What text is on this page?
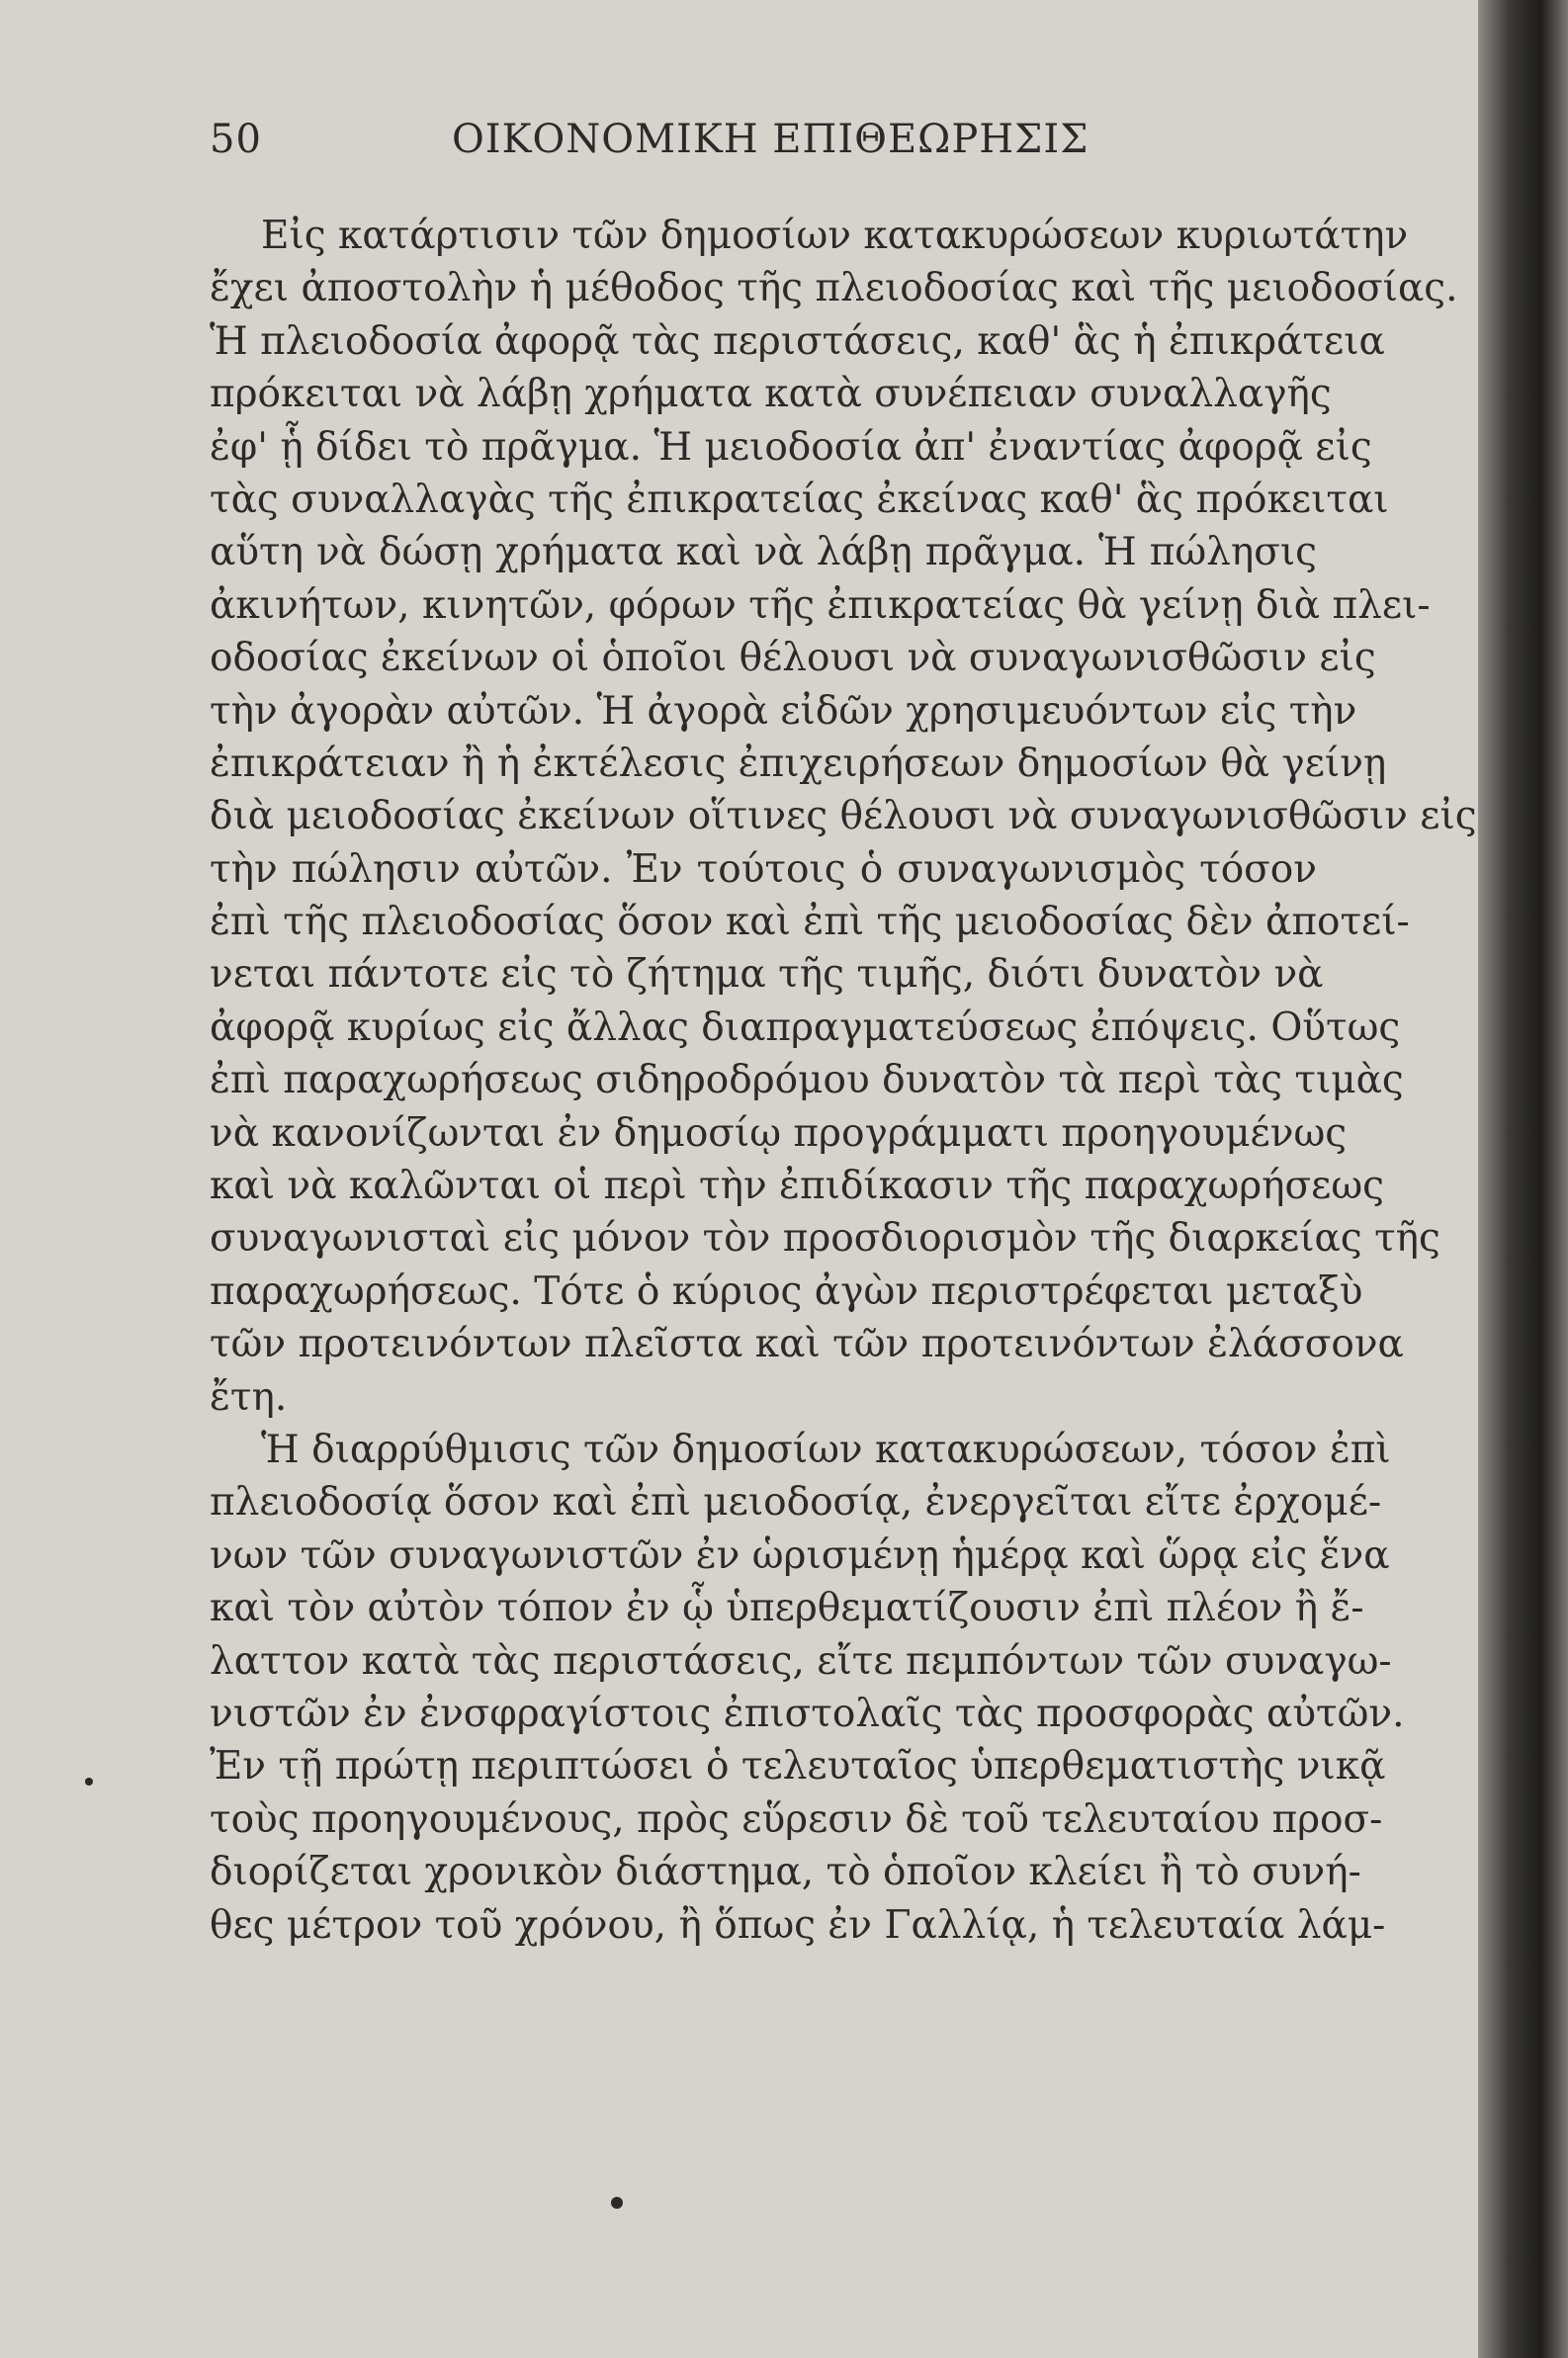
50	ΟΙΚΟΝΟΜΙΚΗ ΕΠΙΘΕΩΡΗΣΙΣ
Εἰς κατάρτισιν τῶν δημοσίων κατακυρώσεων κυριωτάτην
ἔχει ἀποστολὴν ἡ μέθοδος τῆς πλειοδοσίας καὶ τῆς μειοδοσίας.
Ἡ πλειοδοσία ἀφορᾷ τὰς περιστάσεις, καθ' ἃς ἡ ἐπικράτεια
πρόκειται νὰ λάβῃ χρήματα κατὰ συνέπειαν συναλλαγῆς
ἐφ' ᾗ δίδει τὸ πρᾶγμα. Ἡ μειοδοσία ἀπ' ἐναντίας ἀφορᾷ εἰς
τὰς συναλλαγὰς τῆς ἐπικρατείας ἐκείνας καθ' ἃς πρόκειται
αὕτη νὰ δώσῃ χρήματα καὶ νὰ λάβῃ πρᾶγμα. Ἡ πώλησις
ἀκινήτων, κινητῶν, φόρων τῆς ἐπικρατείας θὰ γείνῃ διὰ πλει-
οδοσίας ἐκείνων οἱ ὁποῖοι θέλουσι νὰ συναγωνισθῶσιν εἰς
τὴν ἀγορὰν αὐτῶν. Ἡ ἀγορὰ εἰδῶν χρησιμευόντων εἰς τὴν
ἐπικράτειαν ἢ ἡ ἐκτέλεσις ἐπιχειρήσεων δημοσίων θὰ γείνῃ
διὰ μειοδοσίας ἐκείνων οἵτινες θέλουσι νὰ συναγωνισθῶσιν εἰς
τὴν πώλησιν αὐτῶν. Ἐν τούτοις ὁ συναγωνισμὸς τόσον
ἐπὶ τῆς πλειοδοσίας ὅσον καὶ ἐπὶ τῆς μειοδοσίας δὲν ἀποτεί-
νεται πάντοτε εἰς τὸ ζήτημα τῆς τιμῆς, διότι δυνατὸν νὰ
ἀφορᾷ κυρίως εἰς ἄλλας διαπραγματεύσεως ἐπόψεις. Οὕτως
ἐπὶ παραχωρήσεως σιδηροδρόμου δυνατὸν τὰ περὶ τὰς τιμὰς
νὰ κανονίζωνται ἐν δημοσίῳ προγράμματι προηγουμένως
καὶ νὰ καλῶνται οἱ περὶ τὴν ἐπιδίκασιν τῆς παραχωρήσεως
συναγωνισταὶ εἰς μόνον τὸν προσδιορισμὸν τῆς διαρκείας τῆς
παραχωρήσεως. Τότε ὁ κύριος ἀγὼν περιστρέφεται μεταξὺ
τῶν προτεινόντων πλεῖστα καὶ τῶν προτεινόντων ἐλάσσονα
ἔτη.
Ἡ διαρρύθμισις τῶν δημοσίων κατακυρώσεων, τόσον ἐπὶ
πλειοδοσίᾳ ὅσον καὶ ἐπὶ μειοδοσίᾳ, ἐνεργεῖται εἴτε ἐρχομέ-
νων τῶν συναγωνιστῶν ἐν ὡρισμένῃ ἡμέρᾳ καὶ ὥρᾳ εἰς ἕνα
καὶ τὸν αὐτὸν τόπον ἐν ᾧ ὑπερθεματίζουσιν ἐπὶ πλέον ἢ ἔ-
λαττον κατὰ τὰς περιστάσεις, εἴτε πεμπόντων τῶν συναγω-
νιστῶν ἐν ἐνσφραγίστοις ἐπιστολαῖς τὰς προσφορὰς αὐτῶν.
Ἐν τῇ πρώτῃ περιπτώσει ὁ τελευταῖος ὑπερθεματιστὴς νικᾷ
τοὺς προηγουμένους, πρὸς εὕρεσιν δὲ τοῦ τελευταίου προσ-
διορίζεται χρονικὸν διάστημα, τὸ ὁποῖον κλείει ἢ τὸ συνή-
θες μέτρον τοῦ χρόνου, ἢ ὅπως ἐν Γαλλίᾳ, ἡ τελευταία λάμ-
